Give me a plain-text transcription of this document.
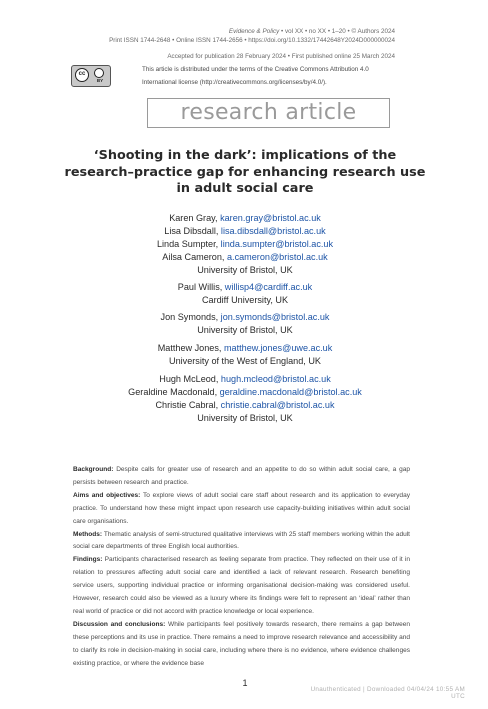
Evidence & Policy • vol XX • no XX • 1–20 • © Authors 2024
Print ISSN 1744-2648 • Online ISSN 1744-2656 • https://doi.org/10.1332/17442648Y2024D000000024
Accepted for publication 28 February 2024 • First published online 25 March 2024
cc
BY
This article is distributed under the terms of the Creative Commons Attribution 4.0
International license (http://creativecommons.org/licenses/by/4.0/).
research article
‘Shooting in the dark’: implications of the research–practice gap for enhancing research use in adult social care
Karen Gray, karen.gray@bristol.ac.uk
Lisa Dibsdall, lisa.dibsdall@bristol.ac.uk
Linda Sumpter, linda.sumpter@bristol.ac.uk
Ailsa Cameron, a.cameron@bristol.ac.uk
University of Bristol, UK
Paul Willis, willisp4@cardiff.ac.uk
Cardiff University, UK
Jon Symonds, jon.symonds@bristol.ac.uk
University of Bristol, UK
Matthew Jones, matthew.jones@uwe.ac.uk
University of the West of England, UK
Hugh McLeod, hugh.mcleod@bristol.ac.uk
Geraldine Macdonald, geraldine.macdonald@bristol.ac.uk
Christie Cabral, christie.cabral@bristol.ac.uk
University of Bristol, UK

Background: Despite calls for greater use of research and an appetite to do so within adult social care, a gap persists between research and practice.

Aims and objectives: To explore views of adult social care staff about research and its application to everyday practice. To understand how these might impact upon research use capacity-building initiatives within adult social care organisations.

Methods: Thematic analysis of semi-structured qualitative interviews with 25 staff members working within the adult social care departments of three English local authorities.

Findings: Participants characterised research as feeling separate from practice. They reflected on their use of it in relation to pressures affecting adult social care and identified a lack of relevant research. Research benefiting service users, supporting individual practice or informing organisational decision-making was considered useful. However, research could also be viewed as a luxury where its findings were felt to represent an ‘ideal’ rather than real world of practice or did not accord with practice knowledge or local experience.

Discussion and conclusions: While participants feel positively towards research, there remains a gap between these perceptions and its use in practice. There remains a need to improve research relevance and accessibility and to clarify its role in decision-making in social care, including where there is no evidence, where evidence challenges existing practice, or where the evidence base

1
Unauthenticated | Downloaded 04/04/24 10:55 AM UTC
